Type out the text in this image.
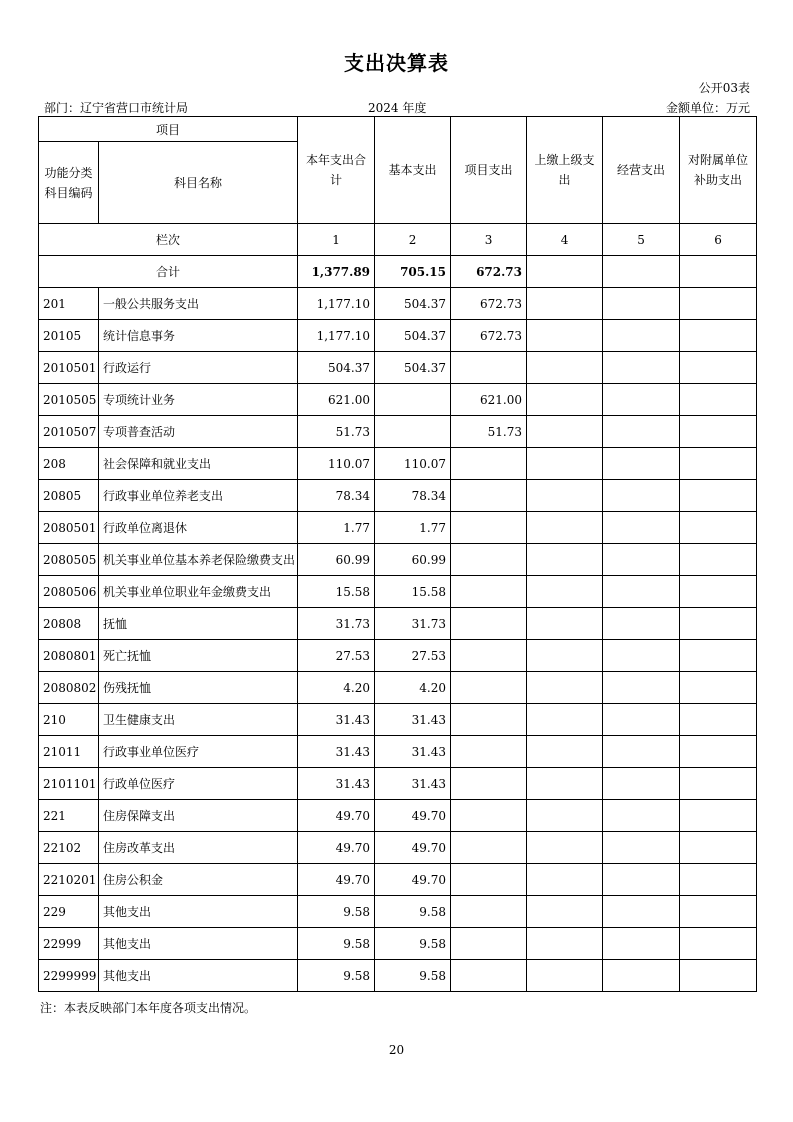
支出决算表
公开03表
部门：辽宁省营口市统计局	2024 年度	金额单位：万元
项目		本年支出合计	基本支出	项目支出	上缴上级支出	经营支出	对附属单位补助支出
功能分类科目编码	科目名称						
栏次		1	2	3	4	5	6
合计		1,377.89	705.15	672.73			
201	一般公共服务支出	1,177.10	504.37	672.73			
20105	统计信息事务	1,177.10	504.37	672.73			
2010501	行政运行	504.37	504.37				
2010505	专项统计业务	621.00		621.00			
2010507	专项普查活动	51.73		51.73			
208	社会保障和就业支出	110.07	110.07				
20805	行政事业单位养老支出	78.34	78.34				
2080501	行政单位离退休	1.77	1.77				
2080505	机关事业单位基本养老保险缴费支出	60.99	60.99				
2080506	机关事业单位职业年金缴费支出	15.58	15.58				
20808	抚恤	31.73	31.73				
2080801	死亡抚恤	27.53	27.53				
2080802	伤残抚恤	4.20	4.20				
210	卫生健康支出	31.43	31.43				
21011	行政事业单位医疗	31.43	31.43				
2101101	行政单位医疗	31.43	31.43				
221	住房保障支出	49.70	49.70				
22102	住房改革支出	49.70	49.70				
2210201	住房公积金	49.70	49.70				
229	其他支出	9.58	9.58				
22999	其他支出	9.58	9.58				
2299999	其他支出	9.58	9.58				
注：本表反映部门本年度各项支出情况。
20
